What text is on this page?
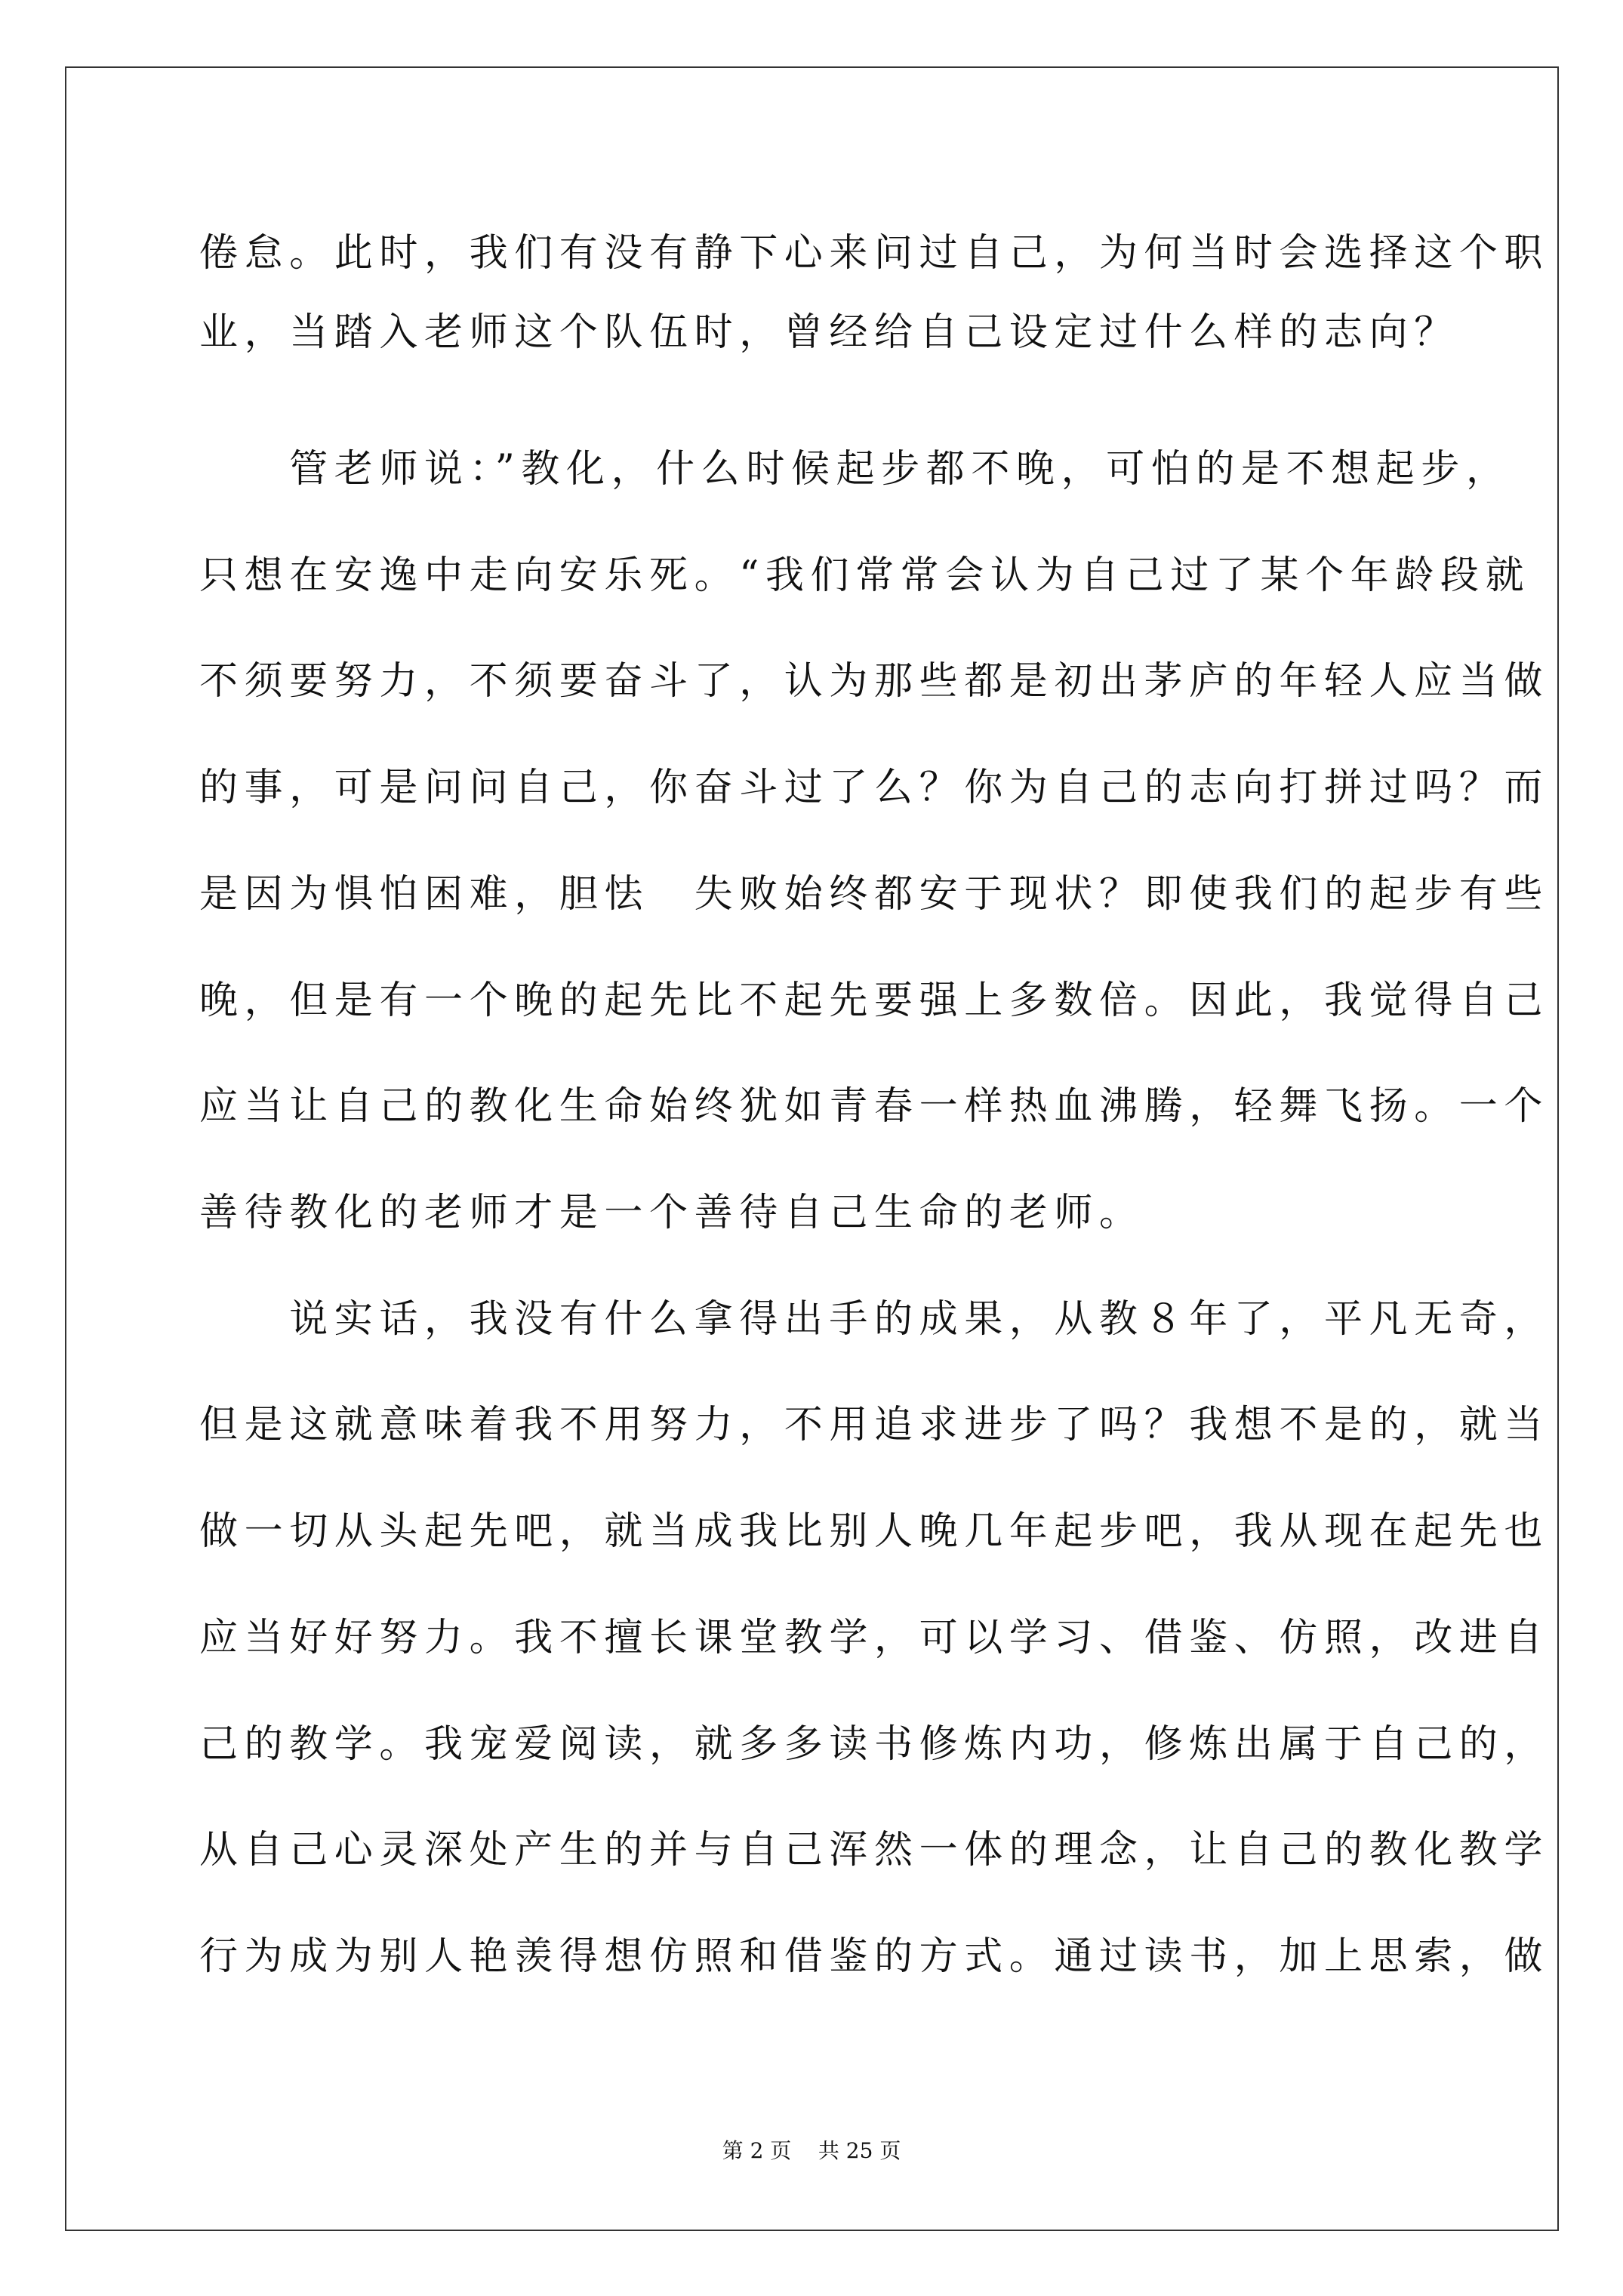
倦怠。此时，我们有没有静下心来问过自己，为何当时会选择这个职
业，当踏入老师这个队伍时，曾经给自己设定过什么样的志向？
　　管老师说：”教化，什么时候起步都不晚，可怕的是不想起步，
只想在安逸中走向安乐死。“我们常常会认为自己过了某个年龄段就
不须要努力，不须要奋斗了，认为那些都是初出茅庐的年轻人应当做
的事，可是问问自己，你奋斗过了么？你为自己的志向打拼过吗？而
是因为惧怕困难，胆怯　失败始终都安于现状？即使我们的起步有些
晚，但是有一个晚的起先比不起先要强上多数倍。因此，我觉得自己
应当让自己的教化生命始终犹如青春一样热血沸腾，轻舞飞扬。一个
善待教化的老师才是一个善待自己生命的老师。
　　说实话，我没有什么拿得出手的成果，从教８年了，平凡无奇，
但是这就意味着我不用努力，不用追求进步了吗？我想不是的，就当
做一切从头起先吧，就当成我比别人晚几年起步吧，我从现在起先也
应当好好努力。我不擅长课堂教学，可以学习、借鉴、仿照，改进自
己的教学。我宠爱阅读，就多多读书修炼内功，修炼出属于自己的，
从自己心灵深处产生的并与自己浑然一体的理念，让自己的教化教学
行为成为别人艳羡得想仿照和借鉴的方式。通过读书，加上思索，做
第 2 页    共 25 页
